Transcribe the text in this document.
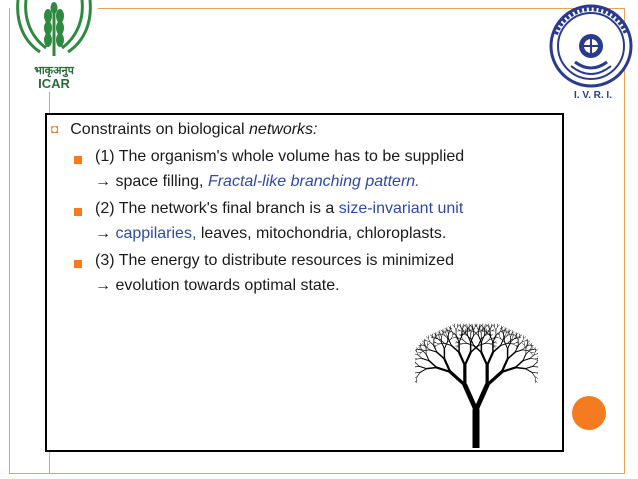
भाकृअनुप
ICAR
I. V. R. I.
◘ Constraints on biological networks:
(1) The organism's whole volume has to be supplied
→ space filling, Fractal-like branching pattern.
(2) The network's final branch is a size-invariant unit
→ cappilaries, leaves, mitochondria, chloroplasts.
(3) The energy to distribute resources is minimized
→ evolution towards optimal state.
